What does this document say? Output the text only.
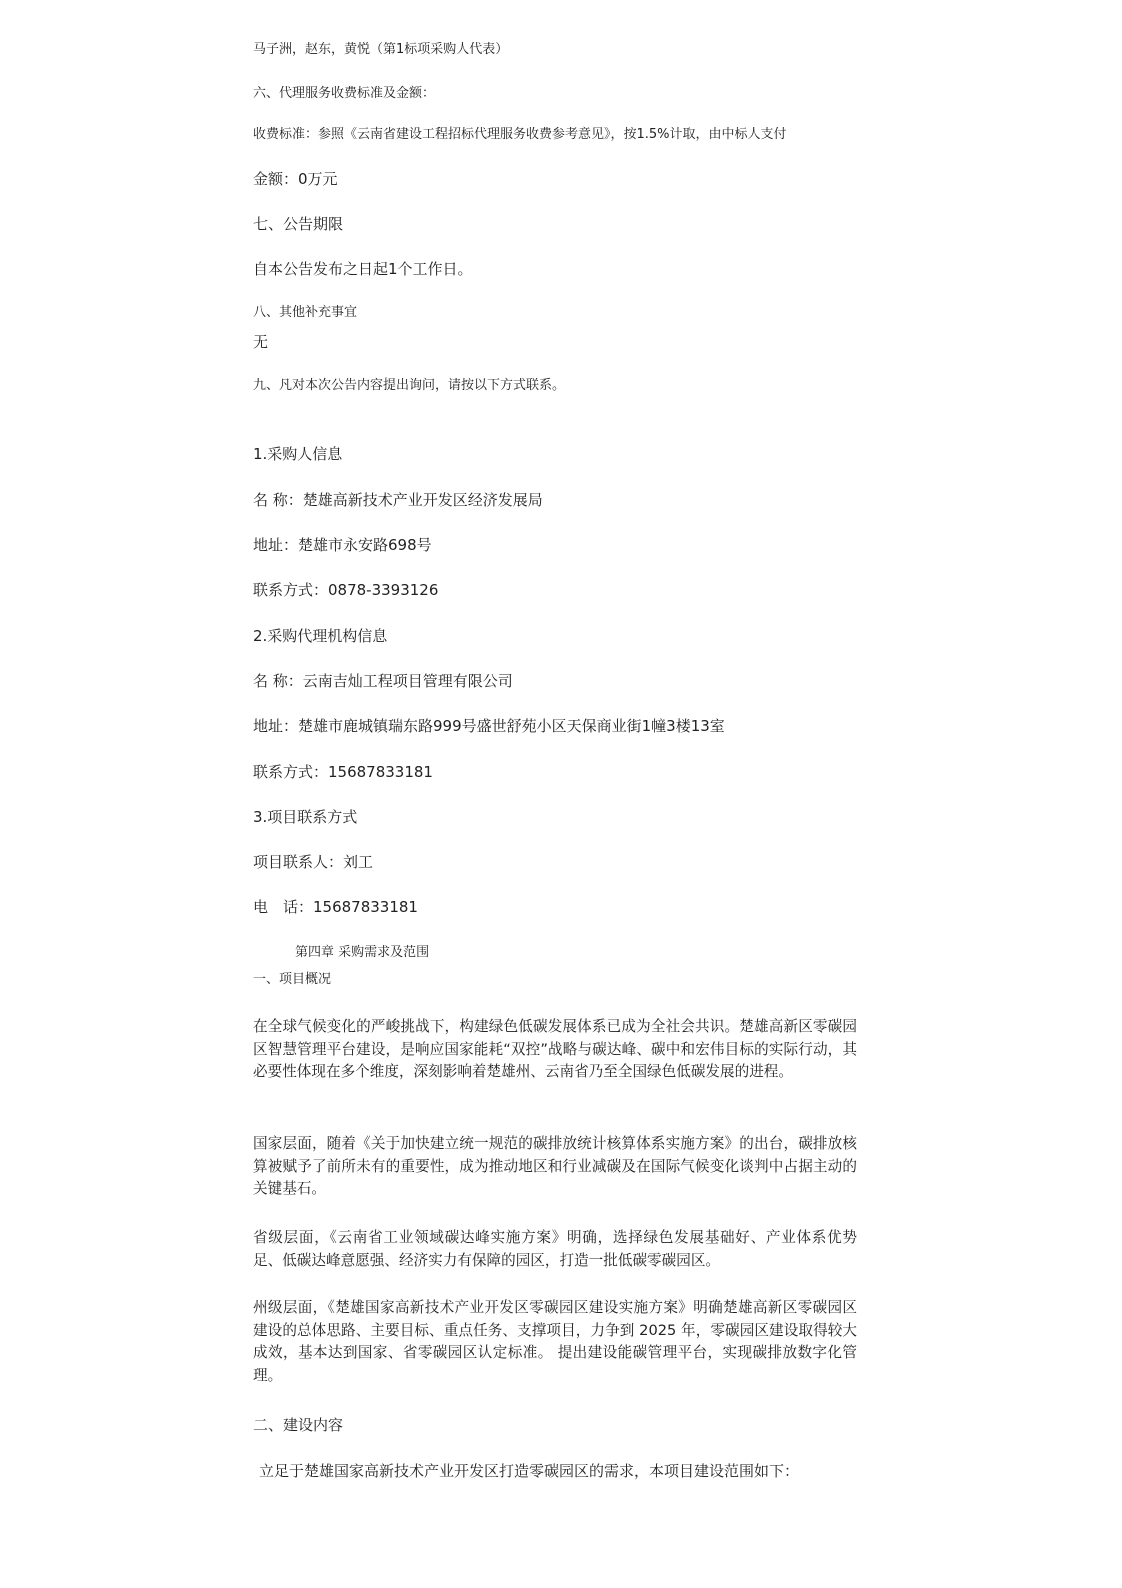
马子洲，赵东，黄悦（第1标项采购人代表）
六、代理服务收费标准及金额：
收费标准：参照《云南省建设工程招标代理服务收费参考意见》，按1.5%计取，由中标人支付
金额：0万元
七、公告期限
自本公告发布之日起1个工作日。
八、其他补充事宜
无
九、凡对本次公告内容提出询问，请按以下方式联系。
1.采购人信息
名 称：楚雄高新技术产业开发区经济发展局
地址：楚雄市永安路698号
联系方式：0878-3393126
2.采购代理机构信息
名 称：云南吉灿工程项目管理有限公司
地址：楚雄市鹿城镇瑞东路999号盛世舒苑小区天保商业街1幢3楼13室
联系方式：15687833181
3.项目联系方式
项目联系人：刘工
电　话：15687833181
第四章 采购需求及范围
一、项目概况
在全球气候变化的严峻挑战下，构建绿色低碳发展体系已成为全社会共识。楚雄高新区零碳园区智慧管理平台建设，是响应国家能耗“双控”战略与碳达峰、碳中和宏伟目标的实际行动，其必要性体现在多个维度，深刻影响着楚雄州、云南省乃至全国绿色低碳发展的进程。
国家层面，随着《关于加快建立统一规范的碳排放统计核算体系实施方案》的出台，碳排放核算被赋予了前所未有的重要性，成为推动地区和行业减碳及在国际气候变化谈判中占据主动的关键基石。
省级层面，《云南省工业领域碳达峰实施方案》明确，选择绿色发展基础好、产业体系优势足、低碳达峰意愿强、经济实力有保障的园区，打造一批低碳零碳园区。
州级层面，《楚雄国家高新技术产业开发区零碳园区建设实施方案》明确楚雄高新区零碳园区建设的总体思路、主要目标、重点任务、支撑项目，力争到 2025 年，零碳园区建设取得较大成效，基本达到国家、省零碳园区认定标准。 提出建设能碳管理平台，实现碳排放数字化管理。
二、建设内容
立足于楚雄国家高新技术产业开发区打造零碳园区的需求，本项目建设范围如下：
